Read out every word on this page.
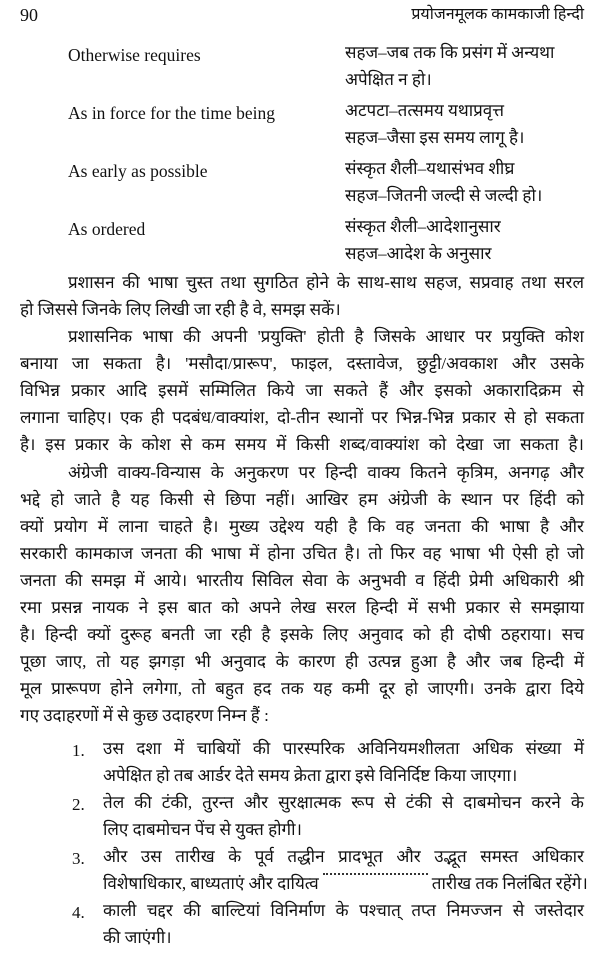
90	प्रयोजनमूलक कामकाजी हिन्दी
Otherwise requires	सहज–जब तक कि प्रसंग में अन्यथा
अपेक्षित न हो।
As in force for the time being	अटपटा–तत्समय यथाप्रवृत्त
सहज–जैसा इस समय लागू है।
As early as possible	संस्कृत शैली–यथासंभव शीघ्र
सहज–जितनी जल्दी से जल्दी हो।
As ordered	संस्कृत शैली–आदेशानुसार
सहज–आदेश के अनुसार
प्रशासन की भाषा चुस्त तथा सुगठित होने के साथ-साथ सहज, सप्रवाह तथा सरल
हो जिससे जिनके लिए लिखी जा रही है वे, समझ सकें।
प्रशासनिक भाषा की अपनी 'प्रयुक्ति' होती है जिसके आधार पर प्रयुक्ति कोश
बनाया जा सकता है। 'मसौदा/प्रारूप', फाइल, दस्तावेज, छुट्टी/अवकाश और उसके
विभिन्न प्रकार आदि इसमें सम्मिलित किये जा सकते हैं और इसको अकारादिक्रम से
लगाना चाहिए। एक ही पदबंध/वाक्यांश, दो-तीन स्थानों पर भिन्न-भिन्न प्रकार से हो सकता
है। इस प्रकार के कोश से कम समय में किसी शब्द/वाक्यांश को देखा जा सकता है।
अंग्रेजी वाक्य-विन्यास के अनुकरण पर हिन्दी वाक्य कितने कृत्रिम, अनगढ़ और
भद्दे हो जाते है यह किसी से छिपा नहीं। आखिर हम अंग्रेजी के स्थान पर हिंदी को
क्यों प्रयोग में लाना चाहते है। मुख्य उद्देश्य यही है कि वह जनता की भाषा है और
सरकारी कामकाज जनता की भाषा में होना उचित है। तो फिर वह भाषा भी ऐसी हो जो
जनता की समझ में आये। भारतीय सिविल सेवा के अनुभवी व हिंदी प्रेमी अधिकारी श्री
रमा प्रसन्न नायक ने इस बात को अपने लेख सरल हिन्दी में सभी प्रकार से समझाया
है। हिन्दी क्यों दुरूह बनती जा रही है इसके लिए अनुवाद को ही दोषी ठहराया। सच
पूछा जाए, तो यह झगड़ा भी अनुवाद के कारण ही उत्पन्न हुआ है और जब हिन्दी में
मूल प्रारूपण होने लगेगा, तो बहुत हद तक यह कमी दूर हो जाएगी। उनके द्वारा दिये
गए उदाहरणों में से कुछ उदाहरण निम्न हैं :
1. उस दशा में चाबियों की पारस्परिक अविनियमशीलता अधिक संख्या में
अपेक्षित हो तब आर्डर देते समय क्रेता द्वारा इसे विनिर्दिष्ट किया जाएगा।
2. तेल की टंकी, तुरन्त और सुरक्षात्मक रूप से टंकी से दाबमोचन करने के
लिए दाबमोचन पेंच से युक्त होगी।
3. और उस तारीख के पूर्व तद्धीन प्रादभूत और उद्भूत समस्त अधिकार
विशेषाधिकार, बाध्यताएं और दायित्व	तारीख तक निलंबित रहेंगे।
4. काली चद्दर की बाल्टियां विनिर्माण के पश्चात् तप्त निमज्जन से जस्तेदार
की जाएंगी।
